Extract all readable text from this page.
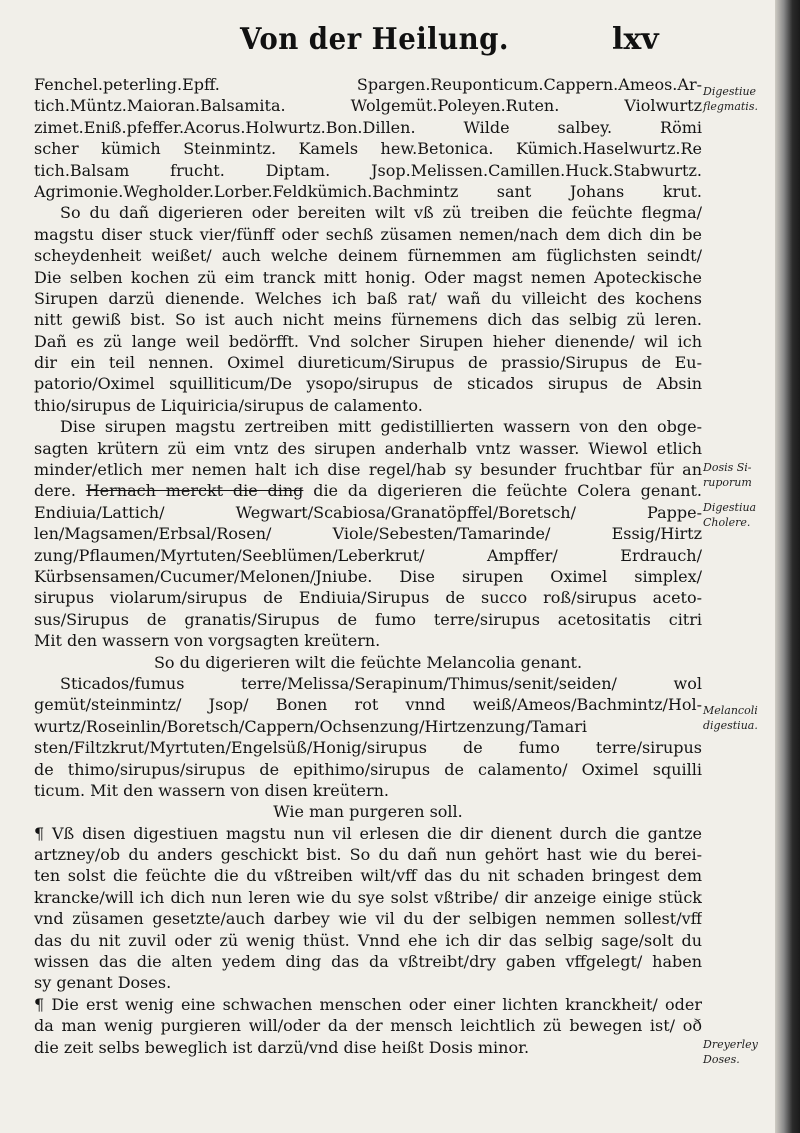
Von der Heilung.	lxv
Fenchel.peterling.Epff. Spargen.Reuponticum.Cappern.Ameos.Ar-
tich.Müntz.Maioran.Balsamita. Wolgemüt.Poleyen.Ruten. Violwurtz
zimet.Eniß.pfeffer.Acorus.Holwurtz.Bon.Dillen. Wilde salbey. Römi
scher kümich Steinmintz. Kamels hew.Betonica. Kümich.Haselwurtz.Re
tich.Balsam frucht. Diptam. Jsop.Melissen.Camillen.Huck.Stabwurtz.
Agrimonie.Wegholder.Lorber.Feldkümich.Bachmintz sant Johans krut.
So du dañ digerieren oder bereiten wilt vß zü treiben die feüchte flegma/
magstu diser stuck vier/fünff oder sechß züsamen nemen/nach dem dich din be
scheydenheit weißet/ auch welche deinem fürnemmen am füglichsten seindt/
Die selben kochen zü eim tranck mitt honig. Oder magst nemen Apoteckische
Sirupen darzü dienende. Welches ich baß rat/ wañ du villeicht des kochens
nitt gewiß bist. So ist auch nicht meins fürnemens dich das selbig zü leren.
Dañ es zü lange weil bedörfft. Vnd solcher Sirupen hieher dienende/ wil ich
dir ein teil nennen. Oximel diureticum/Sirupus de prassio/Sirupus de Eu-
patorio/Oximel squilliticum/De ysopo/sirupus de sticados sirupus de Absin
thio/sirupus de Liquiricia/sirupus de calamento.
Dise sirupen magstu zertreiben mitt gedistillierten wassern von den obge-
sagten krütern zü eim vntz des sirupen anderhalb vntz wasser. Wiewol etlich
minder/etlich mer nemen halt ich dise regel/hab sy besunder fruchtbar für an
dere. Hernach merckt die ding die da digerieren die feüchte Colera genant.
Endiuia/Lattich/ Wegwart/Scabiosa/Granatöpffel/Boretsch/ Pappe-
len/Magsamen/Erbsal/Rosen/ Viole/Sebesten/Tamarinde/ Essig/Hirtz
zung/Pflaumen/Myrtuten/Seeblümen/Leberkrut/ Ampffer/ Erdrauch/
Kürbsensamen/Cucumer/Melonen/Jniube. Dise sirupen Oximel simplex/
sirupus violarum/sirupus de Endiuia/Sirupus de succo roß/sirupus aceto-
sus/Sirupus de granatis/Sirupus de fumo terre/sirupus acetositatis citri
Mit den wassern von vorgsagten kreütern.
So du digerieren wilt die feüchte Melancolia genant.
Sticados/fumus terre/Melissa/Serapinum/Thimus/senit/seiden/ wol
gemüt/steinmintz/ Jsop/ Bonen rot vnnd weiß/Ameos/Bachmintz/Hol-
wurtz/Roseinlin/Boretsch/Cappern/Ochsenzung/Hirtzenzung/Tamari
sten/Filtzkrut/Myrtuten/Engelsüß/Honig/sirupus de fumo terre/sirupus
de thimo/sirupus/sirupus de epithimo/sirupus de calamento/ Oximel squilli
ticum. Mit den wassern von disen kreütern.
Wie man purgeren soll.
¶ Vß disen digestiuen magstu nun vil erlesen die dir dienent durch die gantze
artzney/ob du anders geschickt bist. So du dañ nun gehört hast wie du berei-
ten solst die feüchte die du vßtreiben wilt/vff das du nit schaden bringest dem
krancke/will ich dich nun leren wie du sye solst vßtribe/ dir anzeige einige stück
vnd züsamen gesetzte/auch darbey wie vil du der selbigen nemmen sollest/vff
das du nit zuvil oder zü wenig thüst. Vnnd ehe ich dir das selbig sage/solt du
wissen das die alten yedem ding das da vßtreibt/dry gaben vffgelegt/ haben
sy genant Doses.
¶ Die erst wenig eine schwachen menschen oder einer lichten kranckheit/ oder
da man wenig purgieren will/oder da der mensch leichtlich zü bewegen ist/ oð
die zeit selbs beweglich ist darzü/vnd dise heißt Dosis minor.
Digestiue
flegmatis.
Dosis Si-
ruporum
Digestiua
Cholere.
Melancoli
digestiua.
Dreyerley
Doses.
